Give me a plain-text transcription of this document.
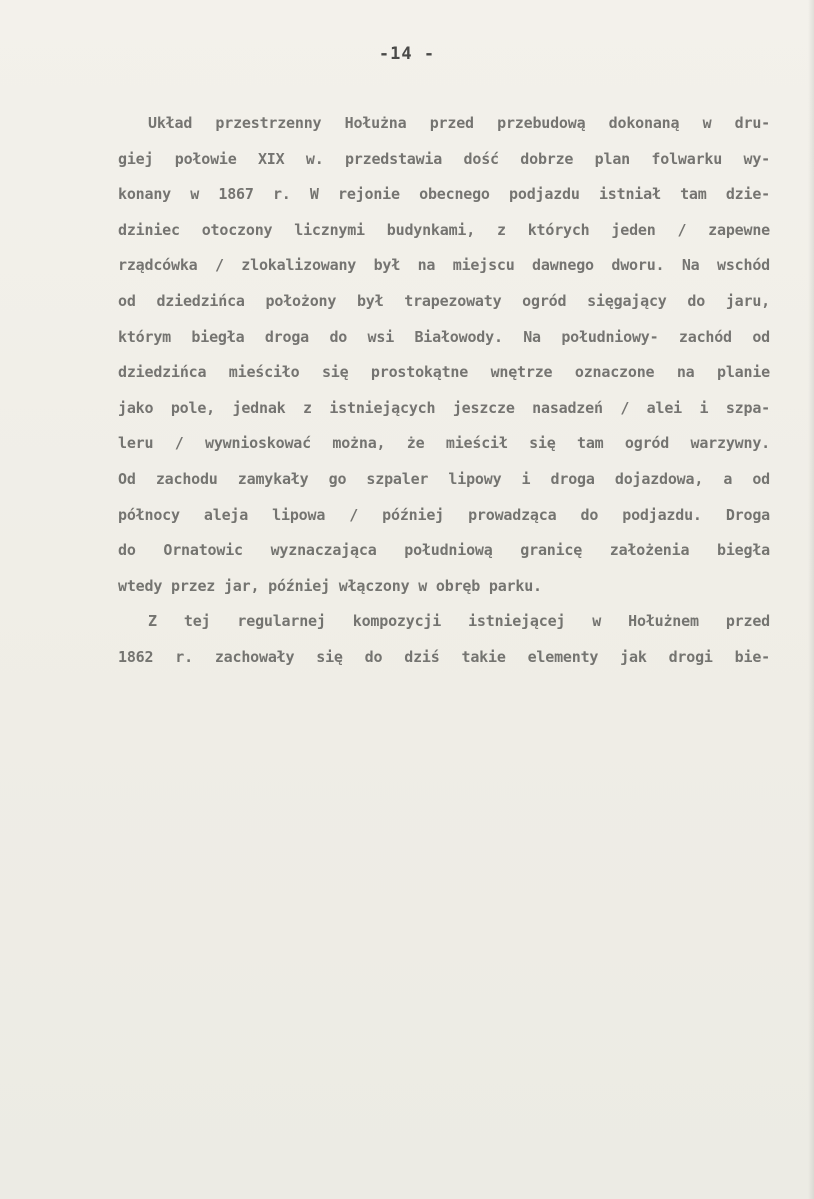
-14 -
Układ przestrzenny Hołużna przed przebudową dokonaną w dru-
giej połowie XIX w. przedstawia dość dobrze plan folwarku wy-
konany w 1867 r. W rejonie obecnego podjazdu istniał tam dzie-
dziniec otoczony licznymi budynkami, z których jeden / zapewne
rządcówka / zlokalizowany był na miejscu dawnego dworu. Na wschód
od dziedzińca położony był trapezowaty ogród sięgający do jaru,
którym biegła droga do wsi Białowody. Na południowy- zachód od
dziedzińca mieściło się prostokątne wnętrze oznaczone na planie
jako pole, jednak z istniejących jeszcze nasadzeń / alei i szpa-
leru / wywnioskować można, że mieścił się tam ogród warzywny.
Od zachodu zamykały go szpaler lipowy i droga dojazdowa, a od
północy aleja lipowa / później prowadząca do podjazdu. Droga
do Ornatowic wyznaczająca południową granicę założenia biegła
wtedy przez jar, później włączony w obręb parku.
Z tej regularnej kompozycji istniejącej w Hołużnem przed
1862 r. zachowały się do dziś takie elementy jak drogi bie-
